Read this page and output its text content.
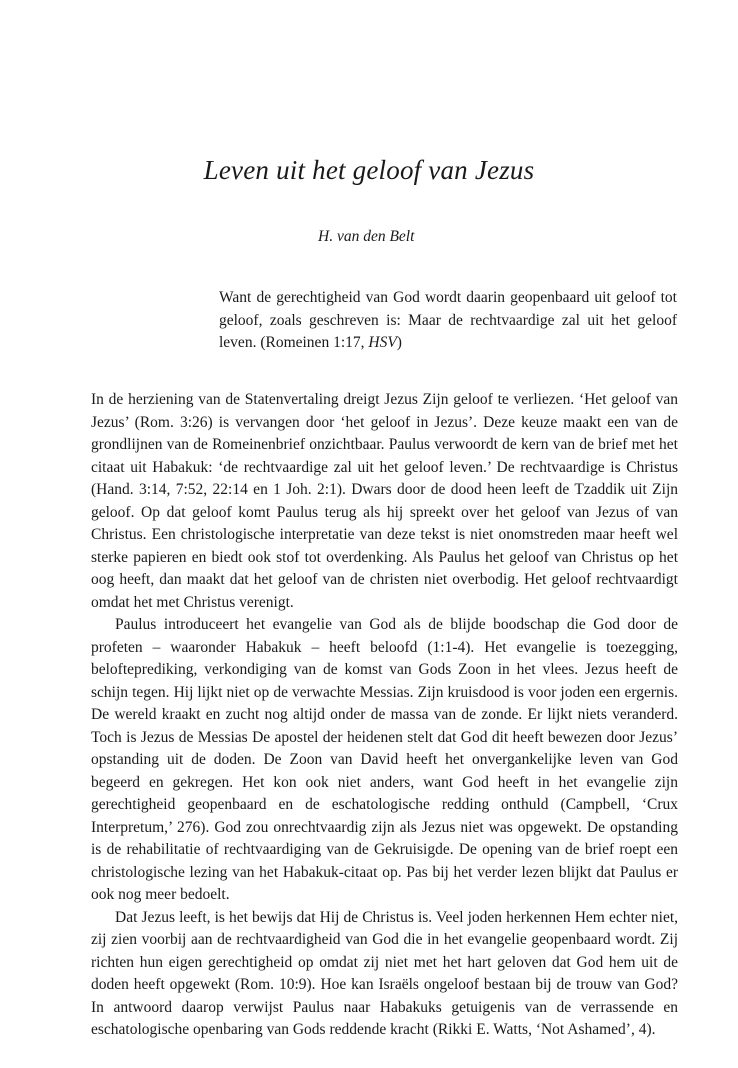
Leven uit het geloof van Jezus
H. van den Belt

Want de gerechtigheid van God wordt daarin geopenbaard uit geloof tot geloof, zoals geschreven is: Maar de rechtvaardige zal uit het geloof leven. (Romeinen 1:17, HSV)

In de herziening van de Statenvertaling dreigt Jezus Zijn geloof te verliezen. ‘Het geloof van Jezus’ (Rom. 3:26) is vervangen door ‘het geloof in Jezus’. Deze keuze maakt een van de grondlijnen van de Romeinenbrief onzichtbaar. Paulus verwoordt de kern van de brief met het citaat uit Habakuk: ‘de rechtvaardige zal uit het geloof leven.’ De rechtvaardige is Christus (Hand. 3:14, 7:52, 22:14 en 1 Joh. 2:1). Dwars door de dood heen leeft de Tzaddik uit Zijn geloof. Op dat geloof komt Paulus terug als hij spreekt over het geloof van Jezus of van Christus. Een christologische interpretatie van deze tekst is niet onomstreden maar heeft wel sterke papieren en biedt ook stof tot overdenking. Als Paulus het geloof van Christus op het oog heeft, dan maakt dat het geloof van de christen niet overbodig. Het geloof rechtvaardigt omdat het met Christus verenigt.

Paulus introduceert het evangelie van God als de blijde boodschap die God door de profeten – waaronder Habakuk – heeft beloofd (1:1-4). Het evangelie is toezegging, belofteprediking, verkondiging van de komst van Gods Zoon in het vlees. Jezus heeft de schijn tegen. Hij lijkt niet op de verwachte Messias. Zijn kruisdood is voor joden een ergernis. De wereld kraakt en zucht nog altijd onder de massa van de zonde. Er lijkt niets veranderd. Toch is Jezus de Messias De apostel der heidenen stelt dat God dit heeft bewezen door Jezus’ opstanding uit de doden. De Zoon van David heeft het onvergankelijke leven van God begeerd en gekregen. Het kon ook niet anders, want God heeft in het evangelie zijn gerechtigheid geopenbaard en de eschatologische redding onthuld (Campbell, ‘Crux Interpretum,’ 276). God zou onrechtvaardig zijn als Jezus niet was opgewekt. De opstanding is de rehabilitatie of rechtvaardiging van de Gekruisigde. De opening van de brief roept een christologische lezing van het Habakuk-citaat op. Pas bij het verder lezen blijkt dat Paulus er ook nog meer bedoelt.

Dat Jezus leeft, is het bewijs dat Hij de Christus is. Veel joden herkennen Hem echter niet, zij zien voorbij aan de rechtvaardigheid van God die in het evangelie geopenbaard wordt. Zij richten hun eigen gerechtigheid op omdat zij niet met het hart geloven dat God hem uit de doden heeft opgewekt (Rom. 10:9). Hoe kan Israëls ongeloof bestaan bij de trouw van God? In antwoord daarop verwijst Paulus naar Habakuks getuigenis van de verrassende en eschatologische openbaring van Gods reddende kracht (Rikki E. Watts, ‘Not Ashamed’, 4).
